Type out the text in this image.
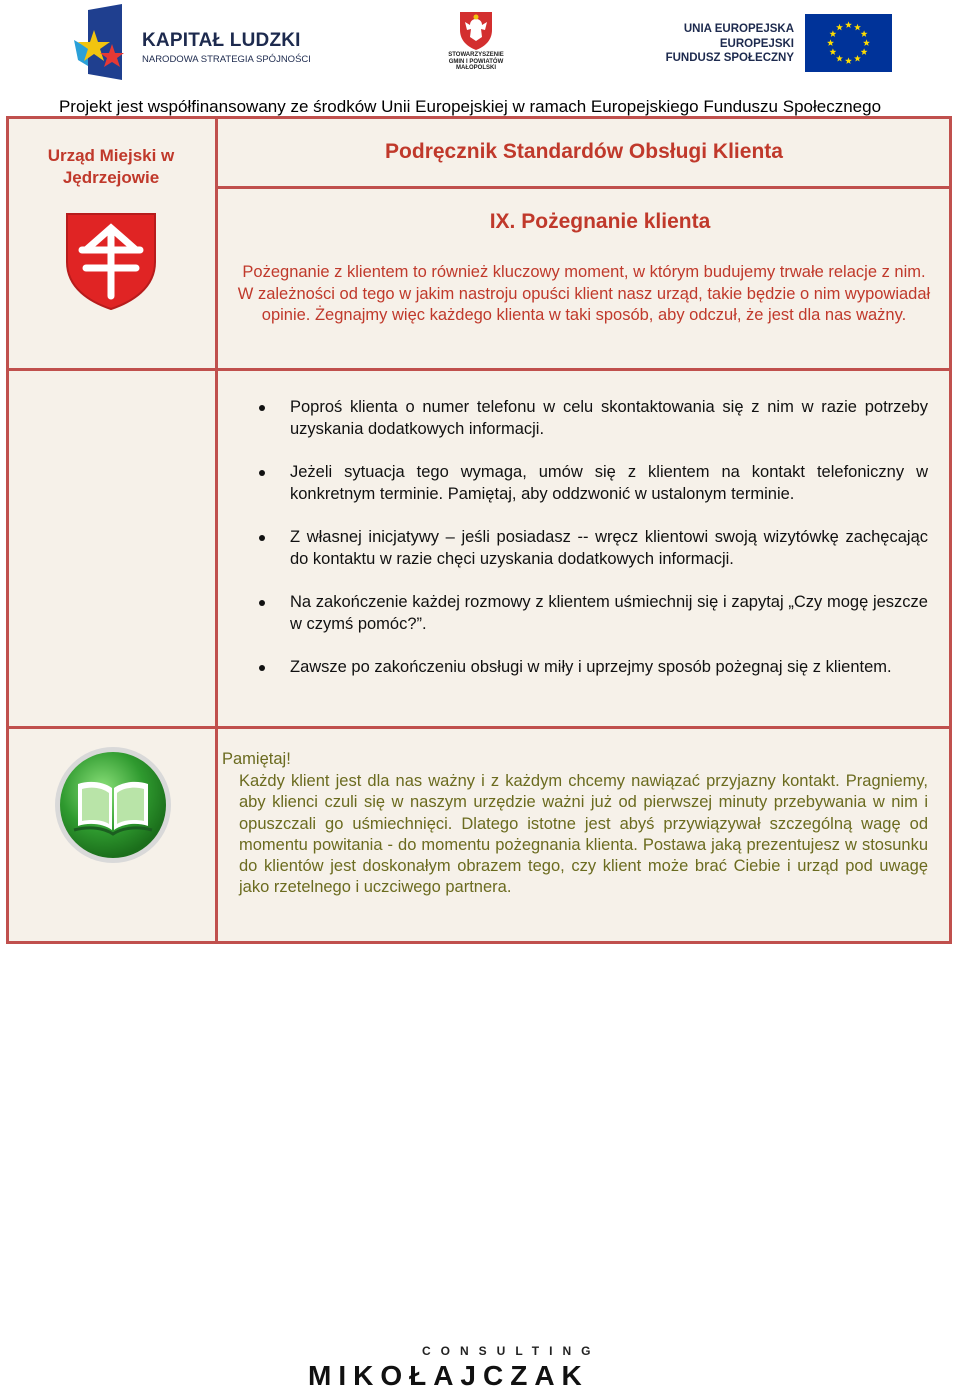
KAPITAŁ LUDZKI
NARODOWA STRATEGIA SPÓJNOŚCI	STOWARZYSZENIE
GMIN I POWIATÓW
MAŁOPOLSKI
UNIA EUROPEJSKA
EUROPEJSKI
FUNDUSZ SPOŁECZNY
Projekt jest współfinansowany ze środków Unii Europejskiej w ramach Europejskiego Funduszu Społecznego
Urząd Miejski w Jędrzejowie
Podręcznik Standardów Obsługi Klienta
IX. Pożegnanie klienta
Pożegnanie z klientem to również kluczowy moment, w którym budujemy trwałe relacje z nim. W zależności od tego w jakim nastroju opuści klient nasz urząd, takie będzie o nim wypowiadał opinie. Żegnajmy więc każdego klienta w taki sposób, aby odczuł, że jest dla nas ważny.
Poproś klienta o numer telefonu w celu skontaktowania się z nim w razie potrzeby uzyskania dodatkowych informacji.
Jeżeli sytuacja tego wymaga, umów się z klientem na kontakt telefoniczny w konkretnym terminie. Pamiętaj, aby oddzwonić w ustalonym terminie.
Z własnej inicjatywy – jeśli posiadasz -- wręcz klientowi swoją wizytówkę zachęcając do kontaktu w razie chęci uzyskania dodatkowych informacji.
Na zakończenie każdej rozmowy z klientem uśmiechnij się i zapytaj „Czy mogę jeszcze w czymś pomóc?”.
Zawsze po zakończeniu obsługi w miły i uprzejmy sposób pożegnaj się z klientem.
Pamiętaj!
Każdy klient jest dla nas ważny i z każdym chcemy nawiązać przyjazny kontakt. Pragniemy, aby klienci czuli się w naszym urzędzie ważni już od pierwszej minuty przebywania w nim i opuszczali go uśmiechnięci. Dlatego istotne jest abyś przywiązywał szczególną wagę od momentu powitania - do momentu pożegnania klienta. Postawa jaką prezentujesz w stosunku do klientów jest doskonałym obrazem tego, czy klient może brać Ciebie i urząd pod uwagę jako rzetelnego i uczciwego partnera.
CONSULTING
MIKOŁAJCZAK
